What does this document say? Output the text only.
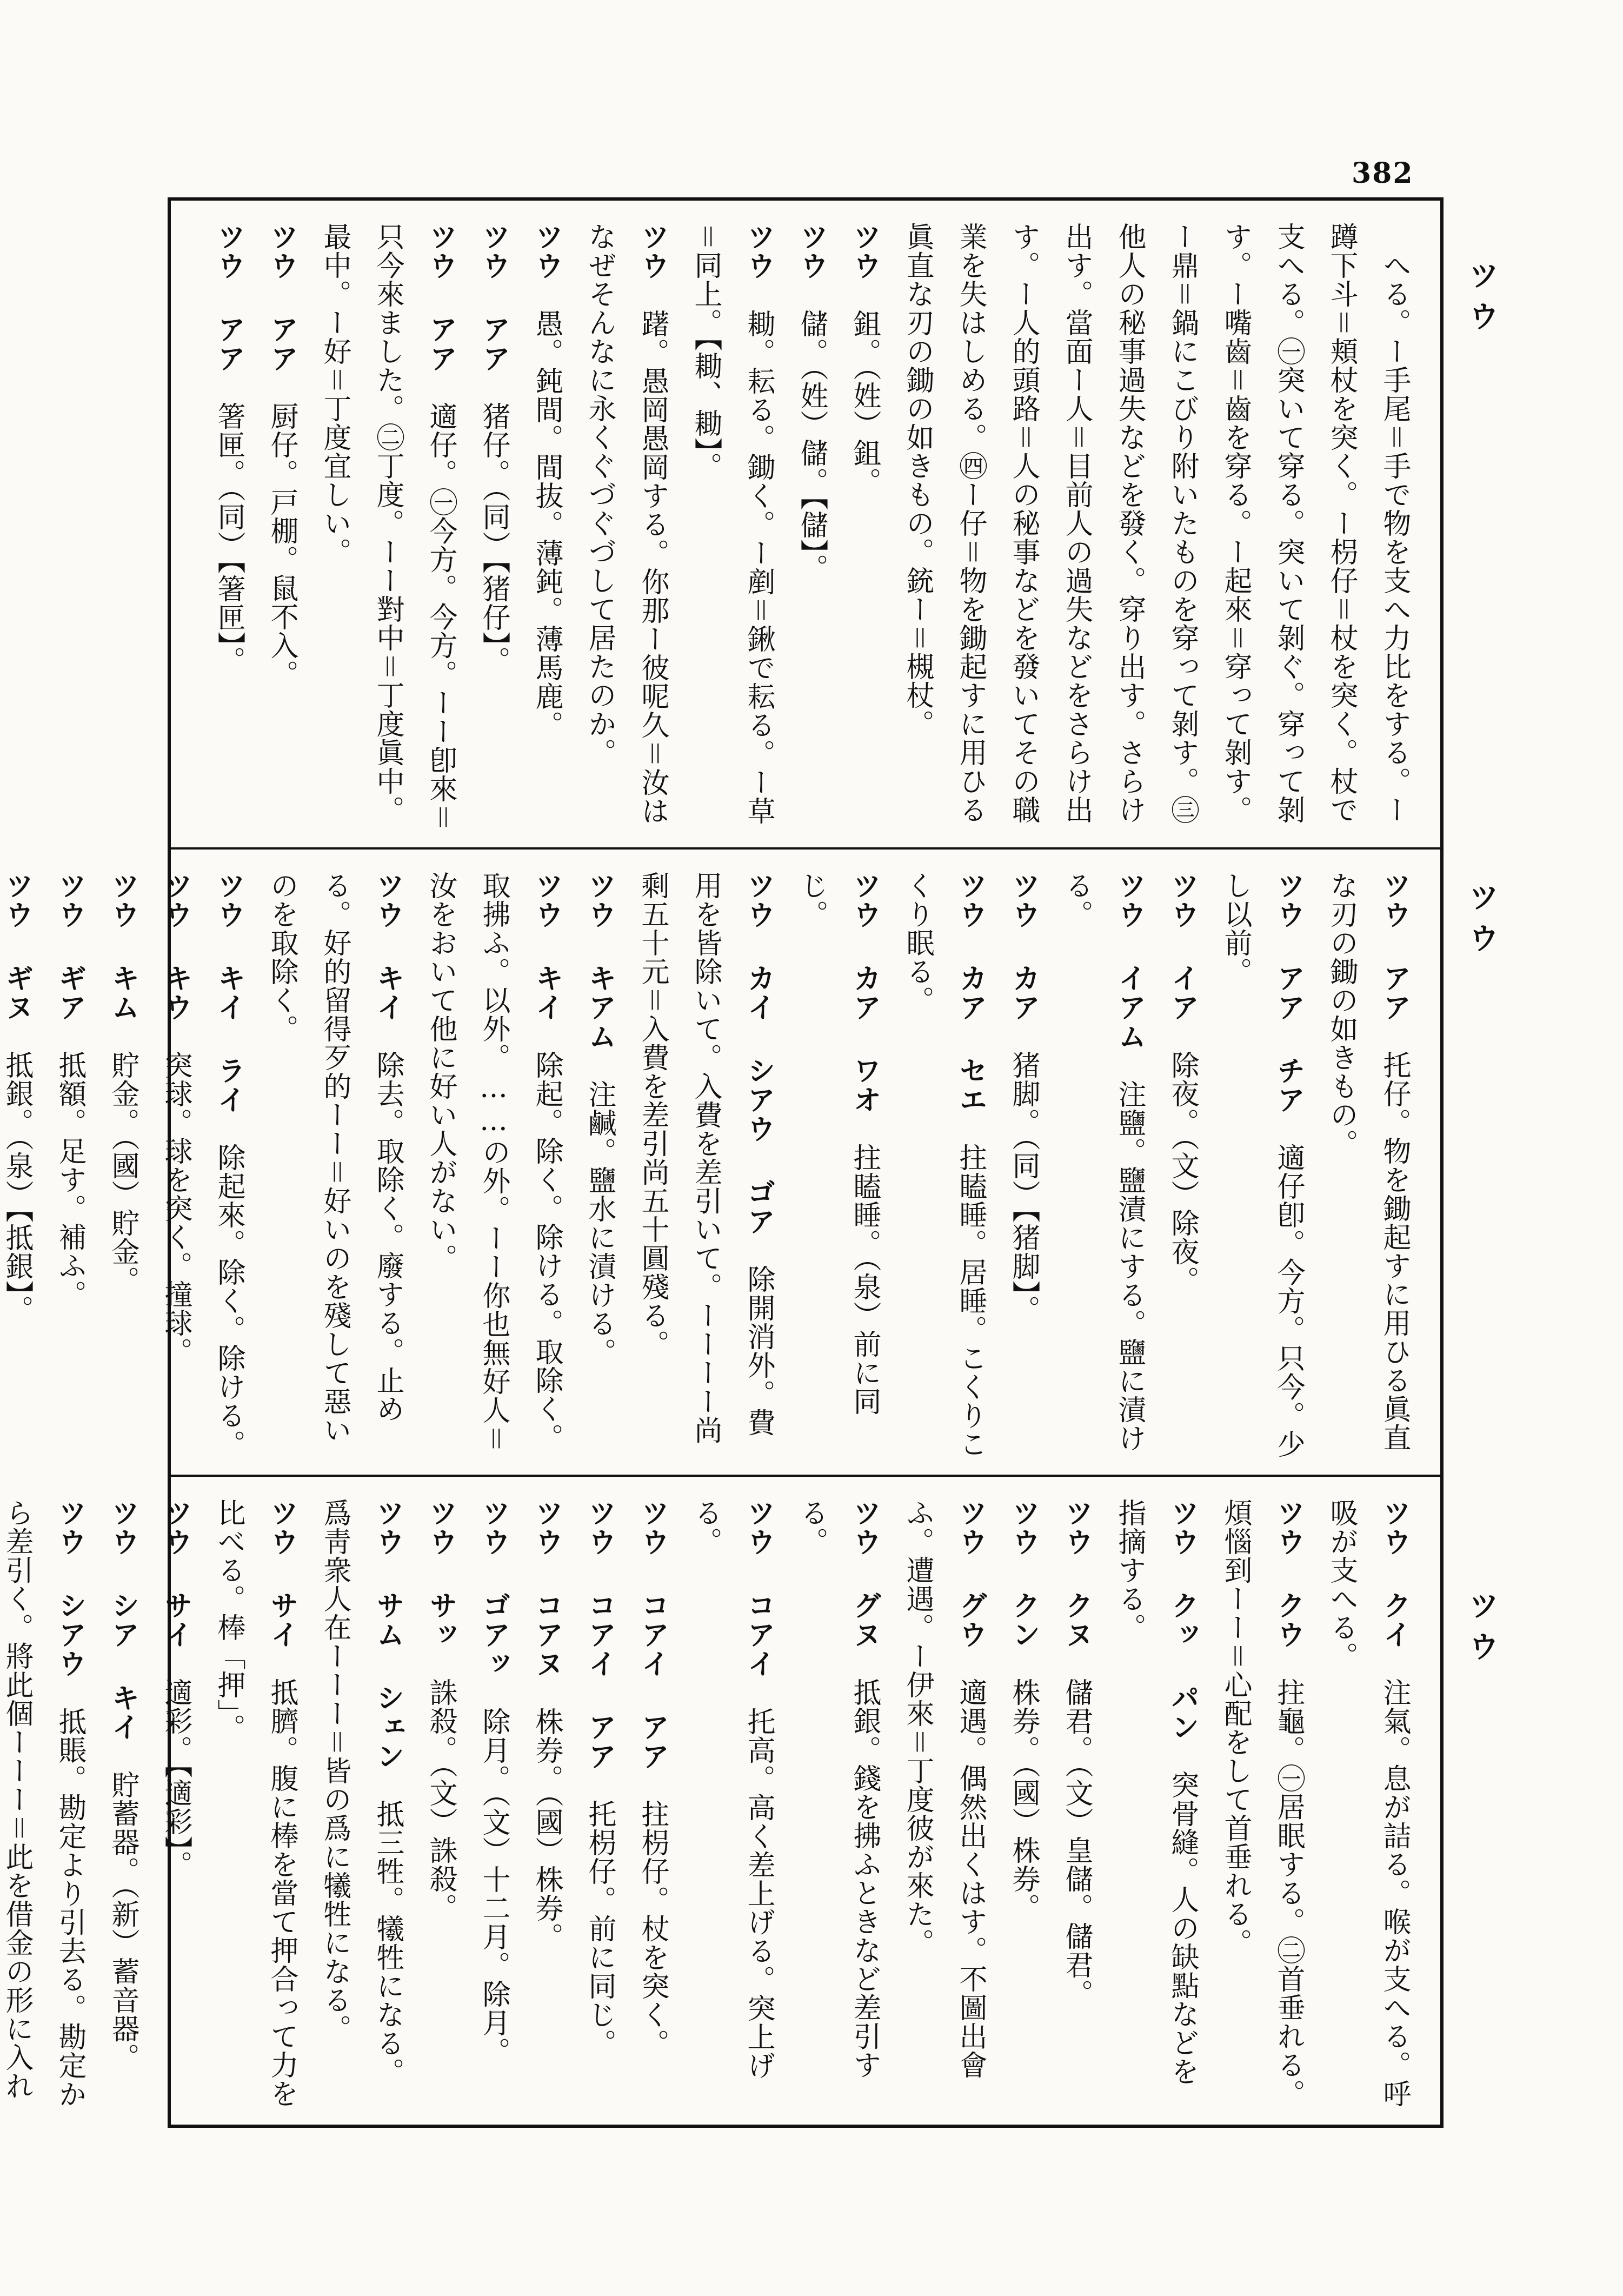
382
ツウ
ツウ
ツウ
　へる。ー手尾＝手で物を支へ力比をする。ー蹲下斗＝頬杖を突く。ー枴仔＝杖を突く。杖で支へる。㊀突いて穿る。突いて剝ぐ。穿って剝す。ー嘴齒＝齒を穿る。ー起來＝穿って剝す。ー鼎＝鍋にこびり附いたものを穿って剝す。㊂他人の秘事過失などを發く。穿り出す。さらけ出す。當面ー人＝目前人の過失などをさらけ出す。ー人的頭路＝人の秘事などを發いてその職業を失はしめる。㊃ー仔＝物を鋤起すに用ひる眞直な刃の鋤の如きもの。銃ー＝槻杖。
ツウ　鉏。（姓）鉏。
ツウ　儲。（姓）儲。【儲】。
ツウ　耡。耘る。鋤く。ー剷＝鍬で耘る。ー草＝同上。【耡、耡】。
ツウ　躇。愚岡愚岡する。你那ー彼呢久＝汝はなぜそんなに永くぐづぐづして居たのか。
ツウ　愚。鈍間。間抜。薄鈍。薄馬鹿。
ツウ アア　猪仔。（同）【猪仔】。
ツウ アア　適仔。㊀今方。今方。ーー卽來＝只今來ました。㊁丁度。ーー對中＝丁度眞中。最中。ー好＝丁度宜しい。
ツウ アア　厨仔。戸棚。鼠不入。
ツウ アア　箸匣。（同）【箸匣】。
ツウ アア　托仔。物を鋤起すに用ひる眞直な刃の鋤の如きもの。
ツウ アア チア　適仔卽。今方。只今。少し以前。
ツウ イア　除夜。（文）除夜。
ツウ イアム　注鹽。鹽漬にする。鹽に漬ける。
ツウ カア　猪脚。（同）【猪脚】。
ツウ カア セエ　拄瞌睡。居睡。こくりこくり眠る。
ツウ カア ワオ　拄瞌睡。（泉）前に同じ。
ツウ カイ シアウ ゴア　除開消外。費用を皆除いて。入費を差引いて。ーーーー尚剩五十元＝入費を差引尚五十圓殘る。
ツウ キアム　注鹹。鹽水に漬ける。
ツウ キイ　除起。除く。除ける。取除く。取拂ふ。以外。……の外。ーー你也無好人＝汝をおいて他に好い人がない。
ツウ キイ　除去。取除く。廢する。止める。好的留得歹的ーー＝好いのを殘して惡いのを取除く。
ツウ キイ ライ　除起來。除く。除ける。
ツウ キウ　突球。球を突く。撞球。
ツウ キム　貯金。（國）貯金。
ツウ ギア　抵額。足す。補ふ。
ツウ ギヌ　抵銀。（泉）【抵銀】。

ツウ クイ　注氣。息が詰る。喉が支へる。呼吸が支へる。
ツウ クウ　拄龜。㊀居眠する。㊁首垂れる。煩惱到ーー＝心配をして首垂れる。
ツウ クッ パン　突骨縫。人の缺點などを指摘する。
ツウ クヌ　儲君。（文）皇儲。儲君。
ツウ クン　株券。（國）株券。
ツウ グウ　適遇。偶然出くはす。不圖出會ふ。遭遇。ー伊來＝丁度彼が來た。
ツウ グヌ　抵銀。錢を拂ふときなど差引する。
ツウ コアイ　托高。高く差上げる。突上げる。
ツウ コアイ アア　拄枴仔。杖を突く。
ツウ コアイ アア　托枴仔。前に同じ。
ツウ コアヌ　株券。（國）株券。
ツウ ゴアッ　除月。（文）十二月。除月。
ツウ サッ　誅殺。（文）誅殺。
ツウ サム シェン　抵三牲。犧牲になる。爲靑衆人在ーーー＝皆の爲に犧牲になる。
ツウ サイ　抵臍。腹に棒を當て押合って力を比べる。棒「押」。
ツウ サイ　適彩。【適彩】。
ツウ シア キイ　貯蓄器。（新）蓄音器。
ツウ シアウ　抵賬。勘定より引去る。勘定から差引く。將此個ーーー＝此を借金の形に入れ
